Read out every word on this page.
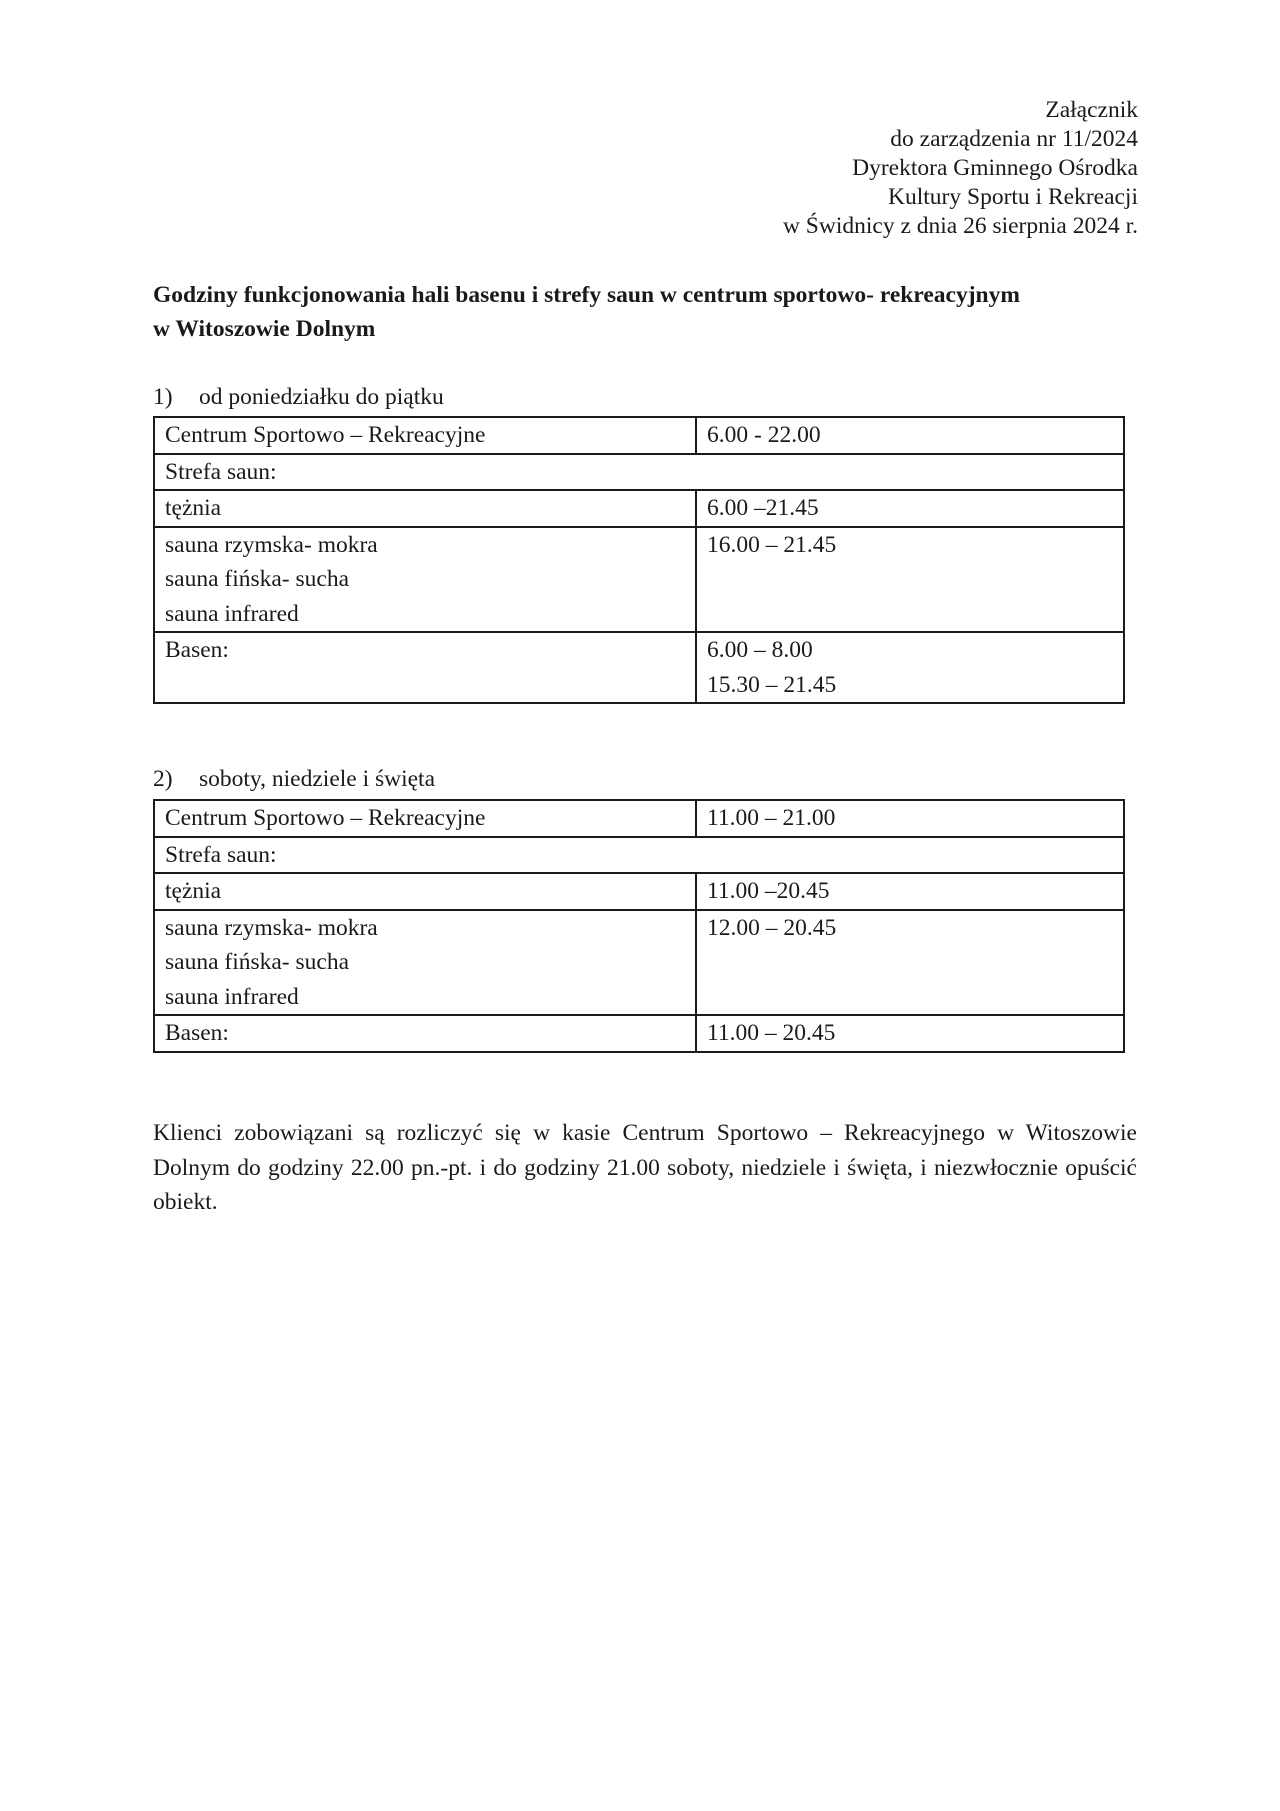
Załącznik
do zarządzenia nr 11/2024
Dyrektora Gminnego Ośrodka
Kultury Sportu i Rekreacji
w Świdnicy z dnia 26 sierpnia 2024 r.
Godziny funkcjonowania hali basenu i strefy saun w centrum sportowo- rekreacyjnym
w Witoszowie Dolnym
1) od poniedziałku do piątku
Centrum Sportowo – Rekreacyjne	6.00 - 22.00

Strefa saun:	

tężnia	6.00 –21.45

sauna rzymska- mokra
sauna fińska- sucha
sauna infrared	16.00 – 21.45

Basen:	6.00 – 8.00
15.30 – 21.45
2) soboty, niedziele i święta
Centrum Sportowo – Rekreacyjne	11.00 – 21.00

Strefa saun:	

tężnia	11.00 –20.45

sauna rzymska- mokra
sauna fińska- sucha
sauna infrared	12.00 – 20.45

Basen:	11.00 – 20.45

Klienci zobowiązani są rozliczyć się w kasie Centrum Sportowo – Rekreacyjnego w Witoszowie Dolnym do godziny 22.00 pn.-pt. i do godziny 21.00 soboty, niedziele i święta, i niezwłocznie opuścić obiekt.
